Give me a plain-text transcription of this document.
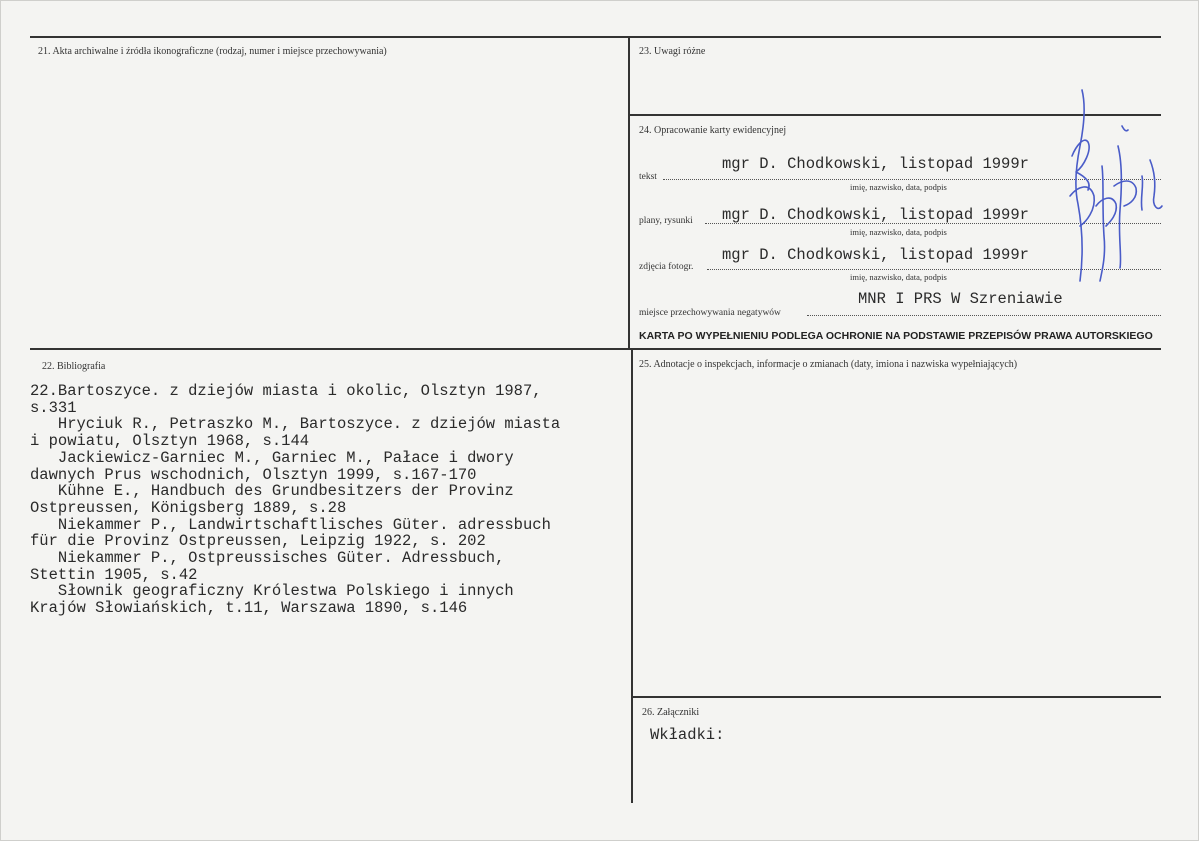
21. Akta archiwalne i źródła ikonograficzne (rodzaj, numer i miejsce przechowywania)	23. Uwagi różne
24. Opracowanie karty ewidencyjnej
mgr D. Chodkowski, listopad 1999r
tekst
imię, nazwisko, data, podpis
mgr D. Chodkowski, listopad 1999r
plany, rysunki
imię, nazwisko, data, podpis
mgr D. Chodkowski, listopad 1999r
zdjęcia fotogr.
imię, nazwisko, data, podpis
MNR I PRS W Szreniawie
miejsce przechowywania negatywów
KARTA PO WYPEŁNIENIU PODLEGA OCHRONIE NA PODSTAWIE PRZEPISÓW PRAWA AUTORSKIEGO
22. Bibliografia
22.Bartoszyce. z dziejów miasta i okolic, Olsztyn 1987,
s.331
Hryciuk R., Petraszko M., Bartoszyce. z dziejów miasta
i powiatu, Olsztyn 1968, s.144
Jackiewicz-Garniec M., Garniec M., Pałace i dwory
dawnych Prus wschodnich, Olsztyn 1999, s.167-170
Kühne E., Handbuch des Grundbesitzers der Provinz
Ostpreussen, Königsberg 1889, s.28
Niekammer P., Landwirtschaftlisches Güter. adressbuch
für die Provinz Ostpreussen, Leipzig 1922, s. 202
Niekammer P., Ostpreussisches Güter. Adressbuch,
Stettin 1905, s.42
Słownik geograficzny Królestwa Polskiego i innych
Krajów Słowiańskich, t.11, Warszawa 1890, s.146
25. Adnotacje o inspekcjach, informacje o zmianach (daty, imiona i nazwiska wypełniających)
26. Załączniki
Wkładki:
